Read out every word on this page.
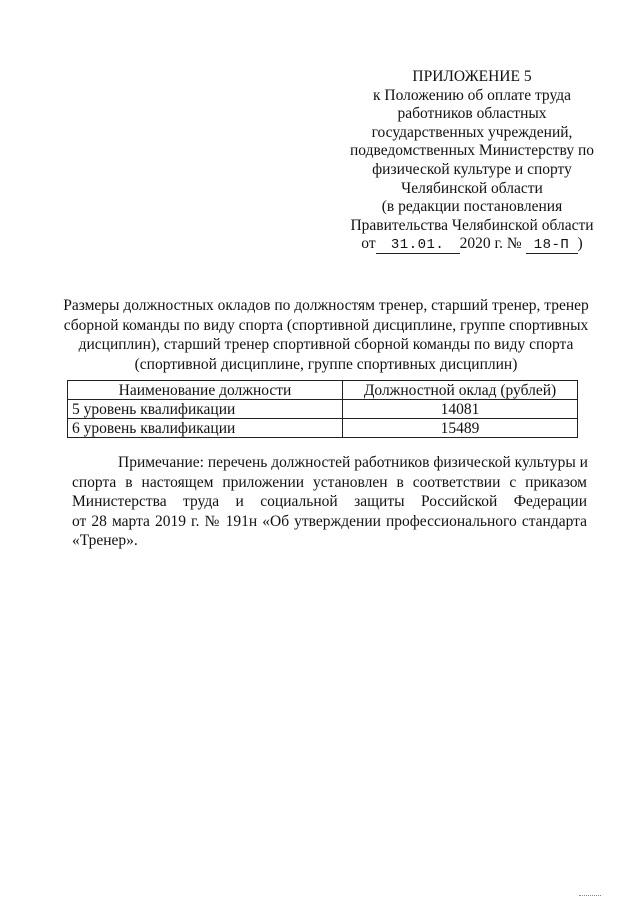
ПРИЛОЖЕНИЕ 5
к Положению об оплате труда
работников областных
государственных учреждений,
подведомственных Министерству по
физической культуре и спорту
Челябинской области
(в редакции постановления
Правительства Челябинской области
от 31.01. 2020 г. № 18-П )
Размеры должностных окладов по должностям тренер, старший тренер, тренер
сборной команды по виду спорта (спортивной дисциплине, группе спортивных
дисциплин), старший тренер спортивной сборной команды по виду спорта
(спортивной дисциплине, группе спортивных дисциплин)
Наименование должности	Должностной оклад (рублей)
5 уровень квалификации	14081
6 уровень квалификации	15489
Примечание: перечень должностей работников физической культуры и
спорта в настоящем приложении установлен в соответствии с приказом
Министерства труда и социальной защиты Российской Федерации
от 28 марта 2019 г. № 191н «Об утверждении профессионального стандарта
«Тренер».
